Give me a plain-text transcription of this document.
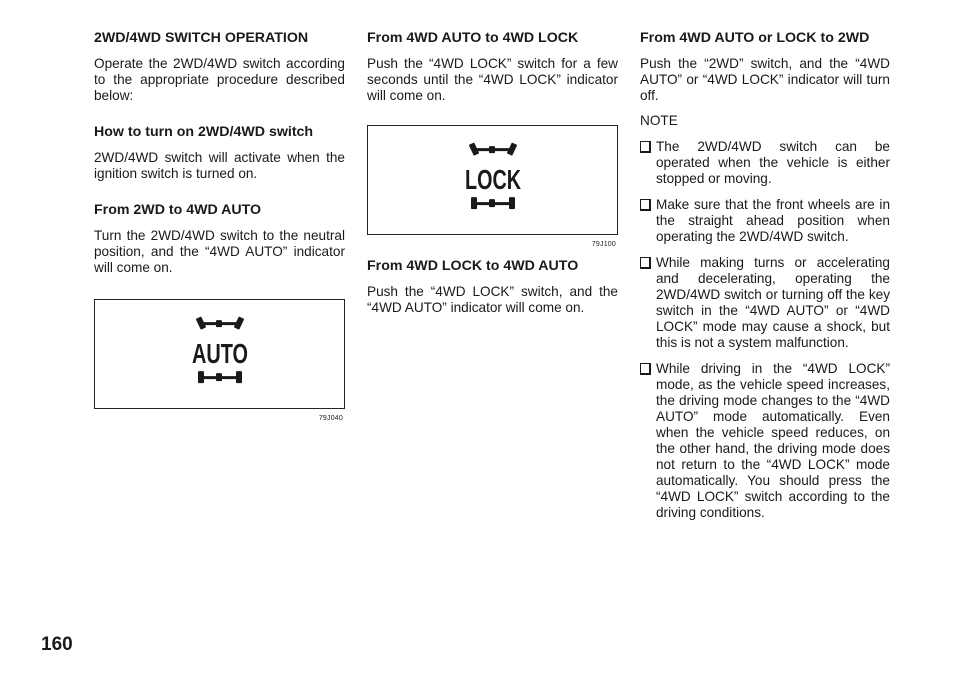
2WD/4WD SWITCH OPERATION

Operate the 2WD/4WD switch according to the appropriate procedure described below:

How to turn on 2WD/4WD switch

2WD/4WD switch will activate when the ignition switch is turned on.

From 2WD to 4WD AUTO

Turn the 2WD/4WD switch to the neutral position, and the “4WD AUTO” indicator will come on.

AUTO
79J040
From 4WD AUTO to 4WD LOCK

Push the “4WD LOCK” switch for a few seconds until the “4WD LOCK” indicator will come on.

LOCK
79J100
From 4WD LOCK to 4WD AUTO

Push the “4WD LOCK” switch, and the “4WD AUTO” indicator will come on.

From 4WD AUTO or LOCK to 2WD

Push the “2WD” switch, and the “4WD AUTO” or “4WD LOCK” indicator will turn off.

NOTE

The 2WD/4WD switch can be operated when the vehicle is either stopped or moving.
Make sure that the front wheels are in the straight ahead position when operating the 2WD/4WD switch.
While making turns or accelerating and decelerating, operating the 2WD/4WD switch or turning off the key switch in the “4WD AUTO” or “4WD LOCK” mode may cause a shock, but this is not a system malfunction.
While driving in the “4WD LOCK” mode, as the vehicle speed increases, the driving mode changes to the “4WD AUTO” mode automatically. Even when the vehicle speed reduces, on the other hand, the driving mode does not return to the “4WD LOCK” mode automatically. You should press the “4WD LOCK” switch according to the driving conditions.
160
